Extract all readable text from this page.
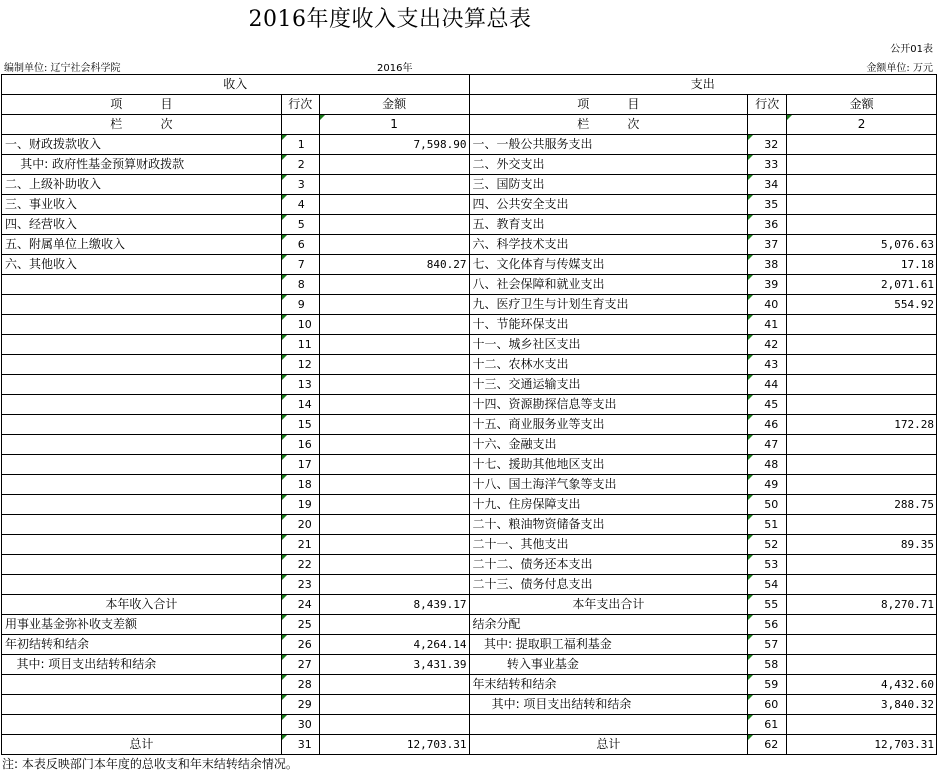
2016年度收入支出决算总表
公开01表
编制单位: 辽宁社会科学院	2016年	金额单位: 万元
收入			支出		
项          目	行次	金额	项          目	行次	金额
栏          次		1	栏          次		2
一、财政拨款收入	1	7,598.90	一、一般公共服务支出	32	
其中: 政府性基金预算财政拨款	2		二、外交支出	33	
二、上级补助收入	3		三、国防支出	34	
三、事业收入	4		四、公共安全支出	35	
四、经营收入	5		五、教育支出	36	
五、附属单位上缴收入	6		六、科学技术支出	37	5,076.63
六、其他收入	7	840.27	七、文化体育与传媒支出	38	17.18
	8		八、社会保障和就业支出	39	2,071.61
	9		九、医疗卫生与计划生育支出	40	554.92
	10		十、节能环保支出	41	
	11		十一、城乡社区支出	42	
	12		十二、农林水支出	43	
	13		十三、交通运输支出	44	
	14		十四、资源勘探信息等支出	45	
	15		十五、商业服务业等支出	46	172.28
	16		十六、金融支出	47	
	17		十七、援助其他地区支出	48	
	18		十八、国土海洋气象等支出	49	
	19		十九、住房保障支出	50	288.75
	20		二十、粮油物资储备支出	51	
	21		二十一、其他支出	52	89.35
	22		二十二、债务还本支出	53	
	23		二十三、债务付息支出	54	
本年收入合计	24	8,439.17	本年支出合计	55	8,270.71
用事业基金弥补收支差额	25		结余分配	56	
年初结转和结余	26	4,264.14	其中: 提取职工福利基金	57	
其中: 项目支出结转和结余	27	3,431.39	转入事业基金	58	
	28		年末结转和结余	59	4,432.60
	29		其中: 项目支出结转和结余	60	3,840.32
	30			61	
总计	31	12,703.31	总计	62	12,703.31
注: 本表反映部门本年度的总收支和年末结转结余情况。
